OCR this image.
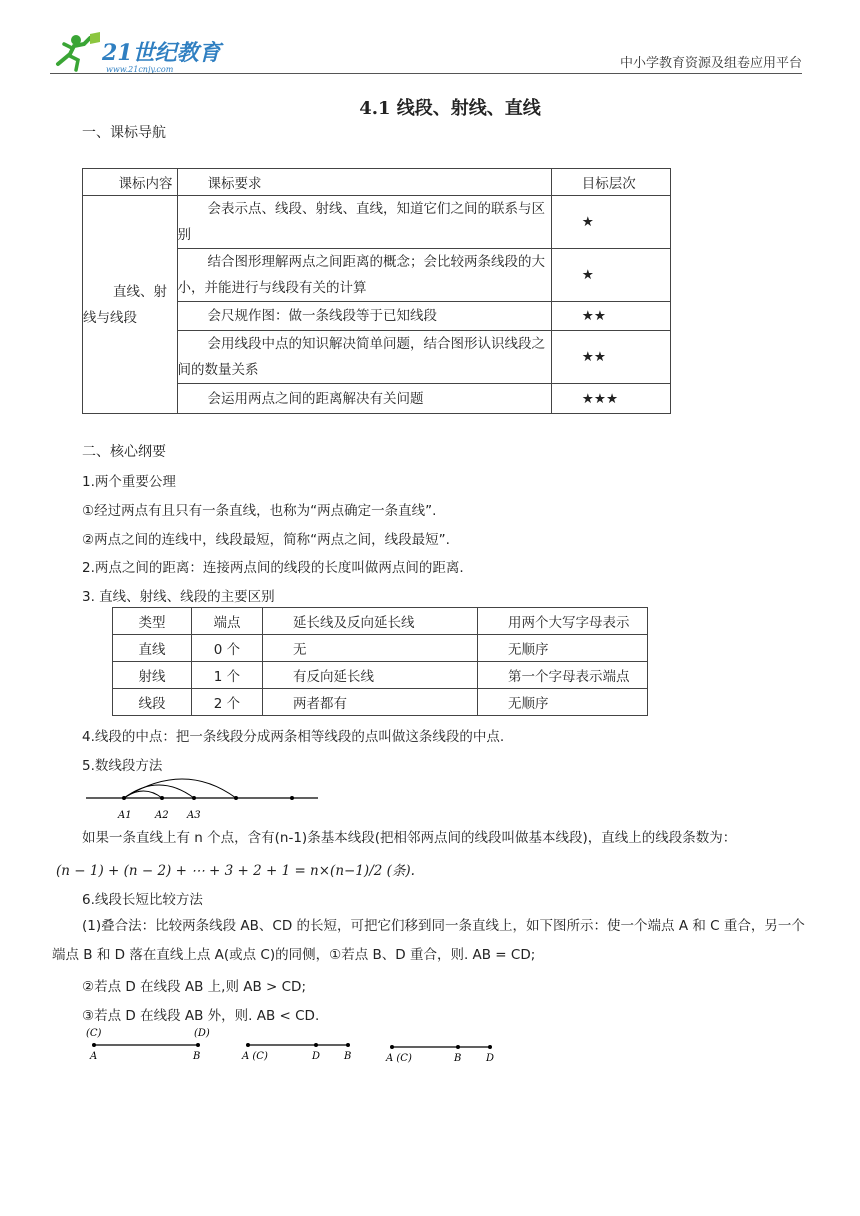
21世纪教育
www.21cnjy.com	中小学教育资源及组卷应用平台
4.1 线段、射线、直线
一、课标导航
课标内容	课标要求	目标层次
直线、射线与线段	会表示点、线段、射线、直线，知道它们之间的联系与区别	★
	结合图形理解两点之间距离的概念；会比较两条线段的大小，并能进行与线段有关的计算	★
	会尺规作图：做一条线段等于已知线段	★★
	会用线段中点的知识解决简单问题，结合图形认识线段之间的数量关系	★★
	会运用两点之间的距离解决有关问题	★★★
二、核心纲要
1.两个重要公理
①经过两点有且只有一条直线，也称为“两点确定一条直线”.
②两点之间的连线中，线段最短，简称“两点之间，线段最短”.
2.两点之间的距离：连接两点间的线段的长度叫做两点间的距离.
3. 直线、射线、线段的主要区别
类型	端点	延长线及反向延长线	用两个大写字母表示
直线	0 个	无	无顺序
射线	1 个	有反向延长线	第一个字母表示端点
线段	2 个	两者都有	无顺序
4.线段的中点：把一条线段分成两条相等线段的点叫做这条线段的中点.
5.数线段方法
A1 A2 A3
如果一条直线上有 n 个点，含有(n-1)条基本线段(把相邻两点间的线段叫做基本线段)，直线上的线段条数为：
(n − 1) + (n − 2) + ⋯ + 3 + 2 + 1 = n×(n−1)/2 (条).
6.线段长短比较方法
(1)叠合法：比较两条线段 AB、CD 的长短，可把它们移到同一条直线上，如下图所示：使一个端点 A 和 C 重合，另一个端点 B 和 D 落在直线上点 A(或点 C)的同侧，①若点 B、D 重合，则. AB = CD;
②若点 D 在线段 AB 上,则 AB > CD;
③若点 D 在线段 AB 外，则. AB < CD.
(C)	(D)
A	B	A (C)	D B	A (C)	B D
